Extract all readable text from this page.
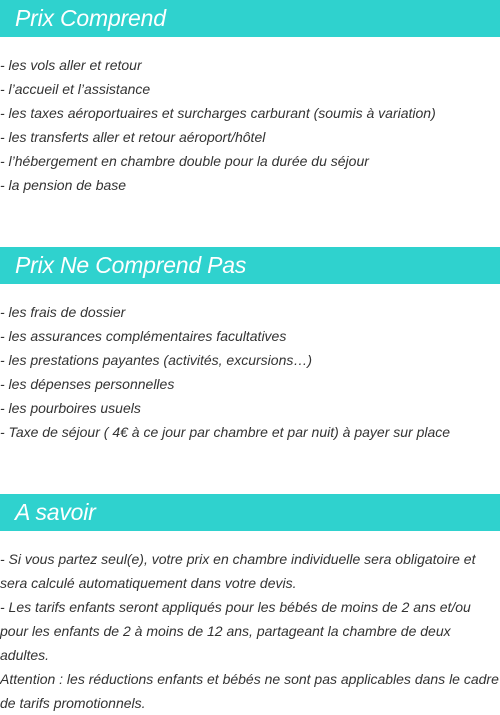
Prix Comprend
- les vols aller et retour
- l’accueil et l’assistance
- les taxes aéroportuaires et surcharges carburant (soumis à variation)
- les transferts aller et retour aéroport/hôtel
- l’hébergement en chambre double pour la durée du séjour
- la pension de base
Prix Ne Comprend Pas
- les frais de dossier
- les assurances complémentaires facultatives
- les prestations payantes (activités, excursions…)
- les dépenses personnelles
- les pourboires usuels
- Taxe de séjour ( 4€ à ce jour par chambre et par nuit) à payer sur place
A savoir

- Si vous partez seul(e), votre prix en chambre individuelle sera obligatoire et sera calculé automatiquement dans votre devis.

- Les tarifs enfants seront appliqués pour les bébés de moins de 2 ans et/ou pour les enfants de 2 à moins de 12 ans, partageant la chambre de deux adultes.

Attention : les réductions enfants et bébés ne sont pas applicables dans le cadre de tarifs promotionnels.
